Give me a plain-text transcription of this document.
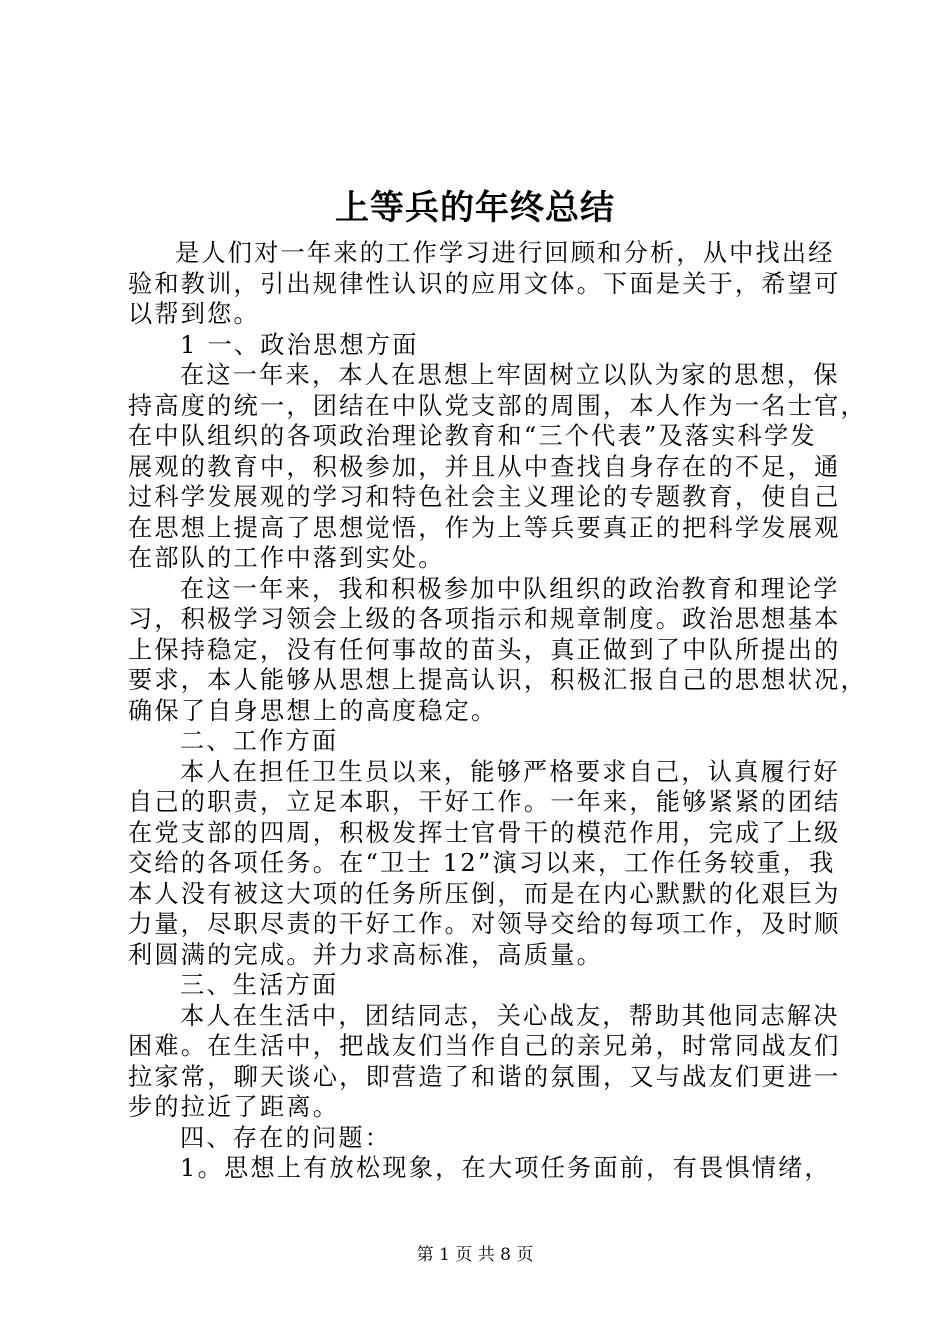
上等兵的年终总结
是人们对一年来的工作学习进行回顾和分析，从中找出经
验和教训，引出规律性认识的应用文体。下面是关于，希望可
以帮到您。
1 一、政治思想方面
在这一年来，本人在思想上牢固树立以队为家的思想，保
持高度的统一，团结在中队党支部的周围，本人作为一名士官，
在中队组织的各项政治理论教育和“三个代表”及落实科学发
展观的教育中，积极参加，并且从中查找自身存在的不足，通
过科学发展观的学习和特色社会主义理论的专题教育，使自己
在思想上提高了思想觉悟，作为上等兵要真正的把科学发展观
在部队的工作中落到实处。
在这一年来，我和积极参加中队组织的政治教育和理论学
习，积极学习领会上级的各项指示和规章制度。政治思想基本
上保持稳定，没有任何事故的苗头，真正做到了中队所提出的
要求，本人能够从思想上提高认识，积极汇报自己的思想状况，
确保了自身思想上的高度稳定。
二、工作方面
本人在担任卫生员以来，能够严格要求自己，认真履行好
自己的职责，立足本职，干好工作。一年来，能够紧紧的团结
在党支部的四周，积极发挥士官骨干的模范作用，完成了上级
交给的各项任务。在“卫士 12”演习以来，工作任务较重，我
本人没有被这大项的任务所压倒，而是在内心默默的化艰巨为
力量，尽职尽责的干好工作。对领导交给的每项工作，及时顺
利圆满的完成。并力求高标准，高质量。
三、生活方面
本人在生活中，团结同志，关心战友，帮助其他同志解决
困难。在生活中，把战友们当作自己的亲兄弟，时常同战友们
拉家常，聊天谈心，即营造了和谐的氛围，又与战友们更进一
步的拉近了距离。
四、存在的问题：
1。思想上有放松现象，在大项任务面前，有畏惧情绪，
第 1 页 共 8 页
